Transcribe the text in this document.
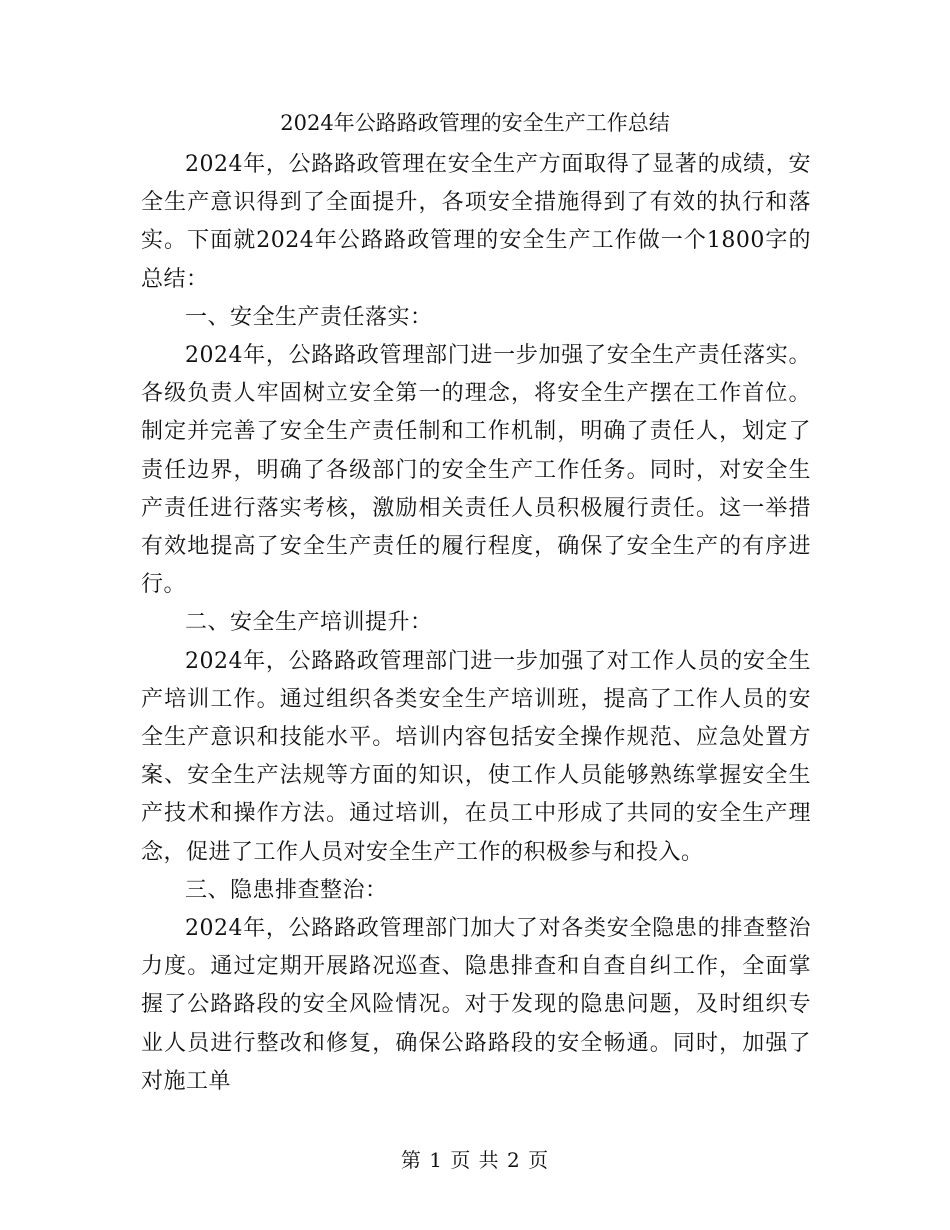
2024年公路路政管理的安全生产工作总结

2024年，公路路政管理在安全生产方面取得了显著的成绩，安全生产意识得到了全面提升，各项安全措施得到了有效的执行和落实。下面就2024年公路路政管理的安全生产工作做一个1800字的总结：

一、安全生产责任落实：

2024年，公路路政管理部门进一步加强了安全生产责任落实。各级负责人牢固树立安全第一的理念，将安全生产摆在工作首位。制定并完善了安全生产责任制和工作机制，明确了责任人，划定了责任边界，明确了各级部门的安全生产工作任务。同时，对安全生产责任进行落实考核，激励相关责任人员积极履行责任。这一举措有效地提高了安全生产责任的履行程度，确保了安全生产的有序进行。

二、安全生产培训提升：

2024年，公路路政管理部门进一步加强了对工作人员的安全生产培训工作。通过组织各类安全生产培训班，提高了工作人员的安全生产意识和技能水平。培训内容包括安全操作规范、应急处置方案、安全生产法规等方面的知识，使工作人员能够熟练掌握安全生产技术和操作方法。通过培训，在员工中形成了共同的安全生产理念，促进了工作人员对安全生产工作的积极参与和投入。

三、隐患排查整治：

2024年，公路路政管理部门加大了对各类安全隐患的排查整治力度。通过定期开展路况巡查、隐患排查和自查自纠工作，全面掌握了公路路段的安全风险情况。对于发现的隐患问题，及时组织专业人员进行整改和修复，确保公路路段的安全畅通。同时，加强了对施工单

第 1 页 共 2 页
